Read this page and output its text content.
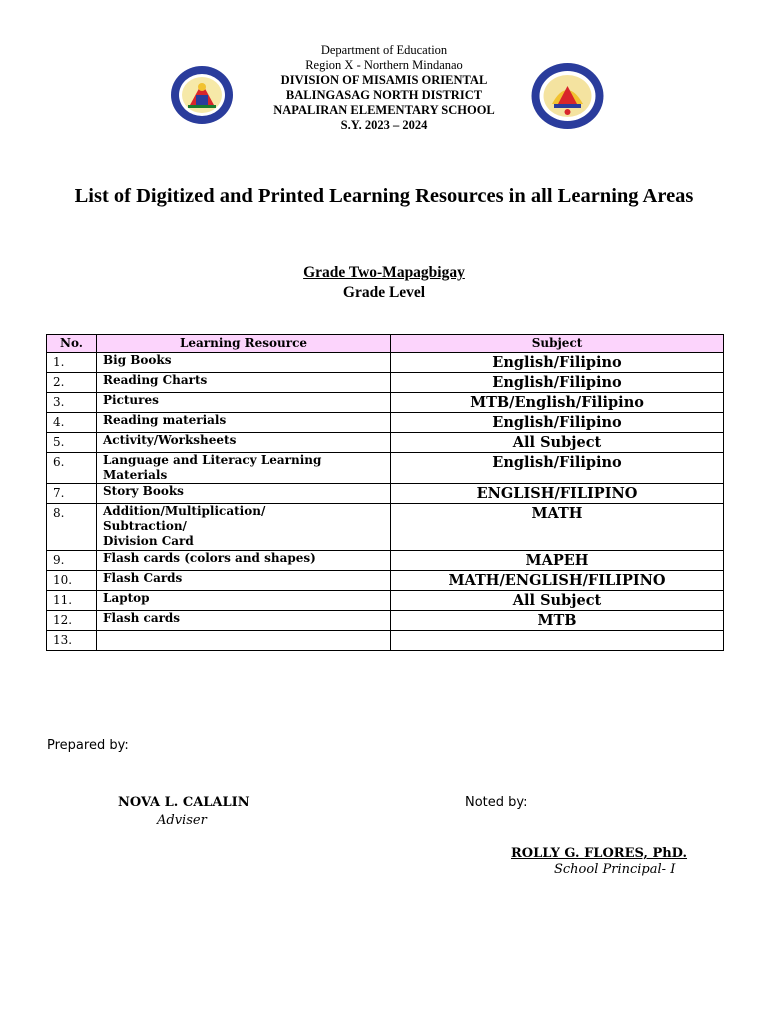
Department of Education
Region X - Northern Mindanao
DIVISION OF MISAMIS ORIENTAL
BALINGASAG NORTH DISTRICT
NAPALIRAN ELEMENTARY SCHOOL
S.Y. 2023 – 2024
List of Digitized and Printed Learning Resources in all Learning Areas
Grade Two-Mapagbigay
Grade Level
No.	Learning Resource	Subject
1.	Big Books	English/Filipino
2.	Reading Charts	English/Filipino
3.	Pictures	MTB/English/Filipino
4.	Reading materials	English/Filipino
5.	Activity/Worksheets	All Subject
6.	Language and Literacy Learning Materials	English/Filipino
7.	Story Books	ENGLISH/FILIPINO
8.	Addition/Multiplication/
Subtraction/
Division Card	MATH
9.	Flash cards (colors and shapes)	MAPEH
10.	Flash Cards	MATH/ENGLISH/FILIPINO
11.	Laptop	All Subject
12.	Flash cards	MTB
13.		
Prepared by:
NOVA L. CALALIN
Adviser
Noted by:
ROLLY G. FLORES, PhD.
School Principal- I
